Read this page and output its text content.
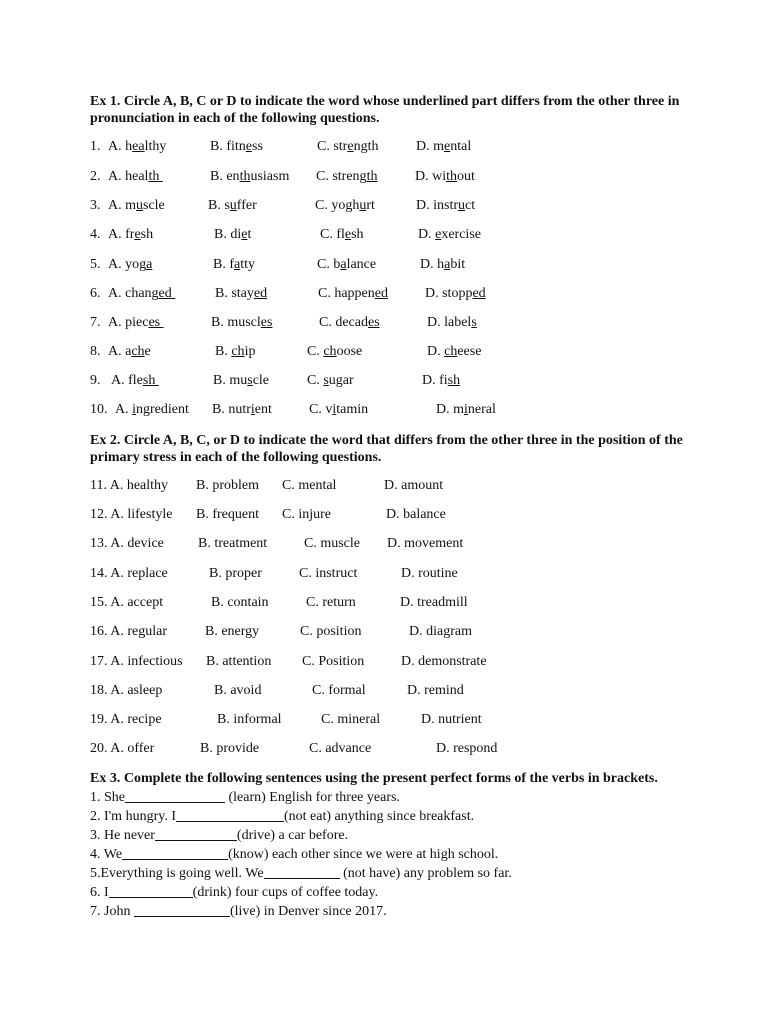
Ex 1. Circle A, B, C or D to indicate the word whose underlined part differs from the other three in pronunciation in each of the following questions.
1. A. healthy	B. fitness	C. strength	D. mental
2. A. health	B. enthusiasm C. strength	D. without
3. A. muscle	B. suffer	C. yoghurt	D. instruct
4. A. fresh	B. diet	C. flesh	D. exercise
5. A. yoga	B. fatty	C. balance	D. habit
6. A. changed	B. stayed	C. happened	D. stopped
7. A. pieces	B. muscles	C. decades	D. labels
8. A. ache	B. chip	C. choose	D. cheese
9. A. flesh	B. muscle	C. sugar	D. fish
10. A. ingredient B. nutrient	C. vitamin	D. mineral
Ex 2. Circle A, B, C, or D to indicate the word that differs from the other three in the position of the primary stress in each of the following questions.
11. A. healthy B. problem C. mental	D. amount
12. A. lifestyle B. frequent C. injure	D. balance
13. A. device B. treatment	C. muscle D. movement
14. A. replace	B. proper	C. instruct	D. routine
15. A. accept	B. contain	C. return	D. treadmill
16. A. regular	B. energy	C. position	D. diagram
17. A. infectious B. attention C. Position	D. demonstrate
18. A. asleep	B. avoid	C. formal	D. remind
19. A. recipe	B. informal	C. mineral	D. nutrient
20. A. offer	B. provide	C. advance	D. respond
Ex 3. Complete the following sentences using the present perfect forms of the verbs in brackets.
1. She	(learn) English for three years.
2. I'm hungry. I	(not eat) anything since breakfast.
3. He never	(drive) a car before.
4. We	(know) each other since we were at high school.
5.Everything is going well. We	(not have) any problem so far.
6. I	(drink) four cups of coffee today.
7. John	(live) in Denver since 2017.
